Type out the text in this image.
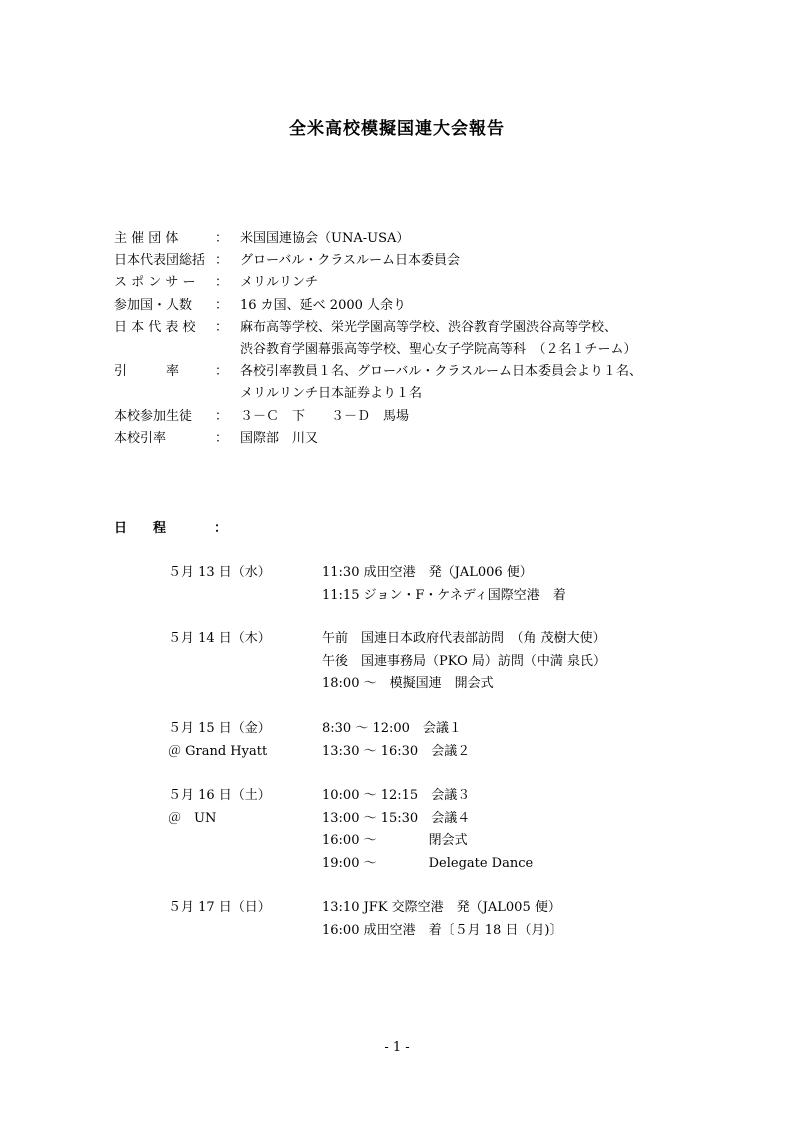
全米高校模擬国連大会報告
主 催 団 体	： 米国国連協会（UNA-USA）
日本代表団総括 ： グローバル・クラスルーム日本委員会
ス ポ ン サ ー ： メリルリンチ
参加国・人数 ： 16 カ国、延べ 2000 人余り
日 本 代 表 校 ： 麻布高等学校、栄光学園高等学校、渋谷教育学園渋谷高等学校、
渋谷教育学園幕張高等学校、聖心女子学院高等科　（２名１チーム）
引　　　率	： 各校引率教員１名、グローバル・クラスルーム日本委員会より１名、
メリルリンチ日本証券より１名
本校参加生徒 ： ３－Ｃ　下　　３－Ｄ　馬場
本校引率	： 国際部　川又
日　　程	：
５月 13 日（水）	11:30 成田空港　発（JAL006 便）
11:15 ジョン・F・ケネディ国際空港　着
５月 14 日（木）	午前　国連日本政府代表部訪問　（角 茂樹大使）
午後　国連事務局（PKO 局）訪問（中満 泉氏）
18:00 ～　模擬国連　開会式
５月 15 日（金）	8:30 ～ 12:00　会議１
＠ Grand Hyatt	13:30 ～ 16:30　会議２
５月 16 日（土）	10:00 ～ 12:15　会議３
＠　UN	13:00 ～ 15:30　会議４
16:00 ～　　　　閉会式
19:00 ～　　　　Delegate Dance
５月 17 日（日）	13:10 JFK 交際空港　発（JAL005 便）
16:00 成田空港　着〔５月 18 日（月)〕
- 1 -
